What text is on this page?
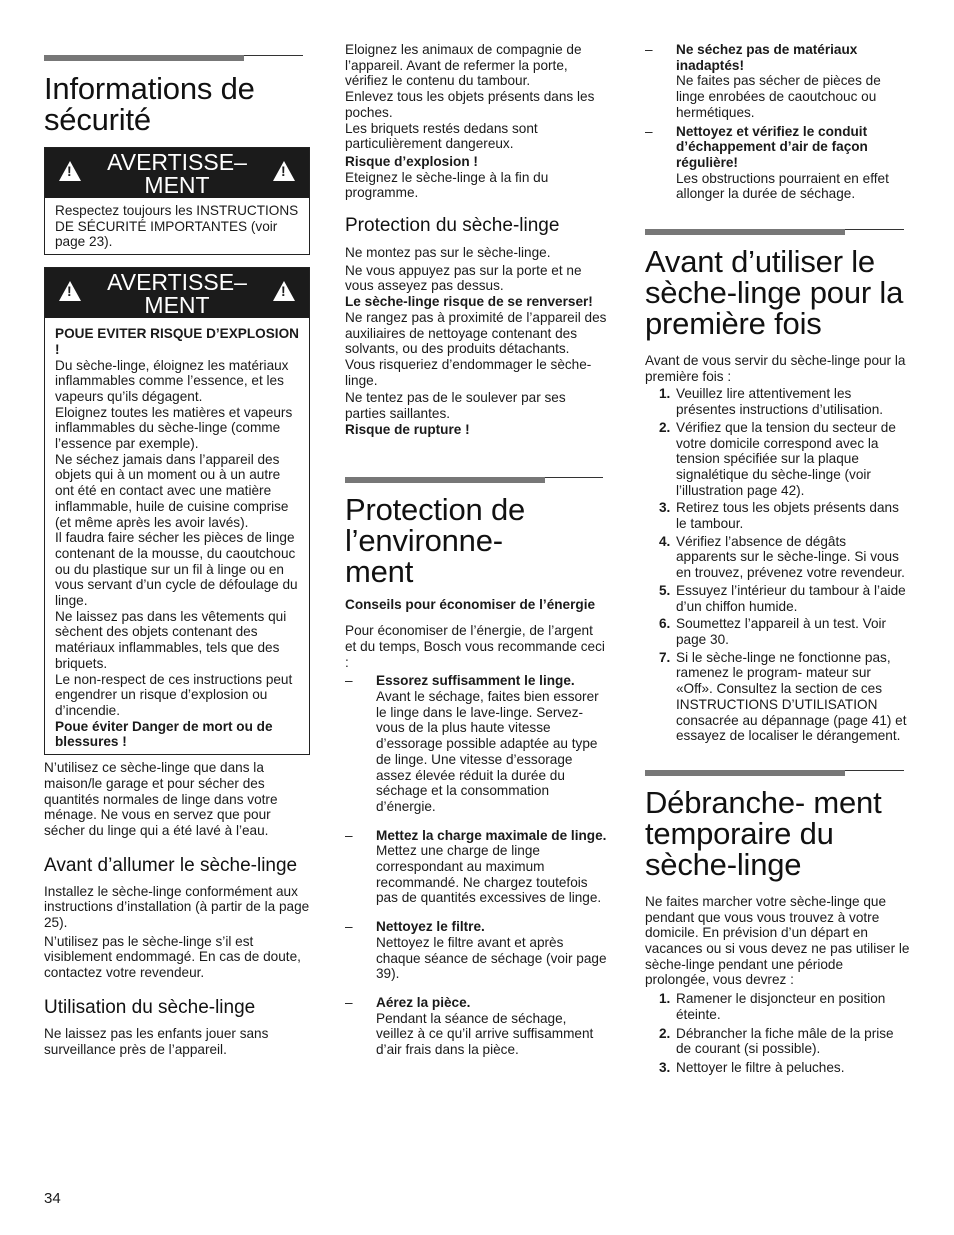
Informations de sécurité
!
AVERTISSE–
MENT
!

Respectez toujours les INSTRUCTIONS DE SÉCURITÉ IMPORTANTES (voir page 23).

!
AVERTISSE–
MENT
!

POUE EVITER RISQUE D’EXPLOSION !

Du sèche-linge, éloignez les matériaux inflammables comme l’essence, et les vapeurs qu’ils dégagent.

Eloignez toutes les matières et vapeurs inflammables du sèche-linge (comme l’essence par exemple).

Ne séchez jamais dans l’appareil des objets qui à un moment ou à un autre ont été en contact avec une matière inflammable, huile de cuisine comprise (et même après les avoir lavés).

Il faudra faire sécher les pièces de linge contenant de la mousse, du caoutchouc ou du plastique sur un fil à linge ou en vous servant d’un cycle de défoulage du linge.

Ne laissez pas dans les vêtements qui sèchent des objets contenant des matériaux inflammables, tels que des briquets.

Le non-respect de ces instructions peut engendrer un risque d’explosion ou d’incendie.

Poue éviter Danger de mort ou de blessures !

N’utilisez ce sèche-linge que dans la maison/le garage et pour sécher des quantités normales de linge dans votre ménage. Ne vous en servez que pour sécher du linge qui a été lavé à l’eau.

Avant d’allumer le sèche-linge

Installez le sèche-linge conformément aux instructions d’installation (à partir de la page 25).

N’utilisez pas le sèche-linge s’il est visiblement endommagé. En cas de doute, contactez votre revendeur.

Utilisation du sèche-linge

Ne laissez pas les enfants jouer sans surveillance près de l’appareil.

Eloignez les animaux de compagnie de l’appareil. Avant de refermer la porte, vérifiez le contenu du tambour.

Enlevez tous les objets présents dans les poches.

Les briquets restés dedans sont particulièrement dangereux.

Risque d’explosion !

Eteignez le sèche-linge à la fin du programme.

Protection du sèche-linge

Ne montez pas sur le sèche-linge.

Ne vous appuyez pas sur la porte et ne vous asseyez pas dessus.

Le sèche-linge risque de se renverser!

Ne rangez pas à proximité de l’appareil des auxiliaires de nettoyage contenant des solvants, ou des produits détachants.

Vous risqueriez d’endommager le sèche-linge.

Ne tentez pas de le soulever par ses parties saillantes.

Risque de rupture !

Protection de l’environne- ment

Conseils pour économiser de l’énergie

Pour économiser de l’énergie, de l’argent et du temps, Bosch vous recommande ceci :

– Essorez suffisamment le linge.
Avant le séchage, faites bien essorer le linge dans le lave-linge. Servez-vous de la plus haute vitesse d’essorage possible adaptée au type de linge. Une vitesse d’essorage assez élevée réduit la durée du séchage et la consommation d’énergie.
– Mettez la charge maximale de linge.
Mettez une charge de linge correspondant au maximum recommandé. Ne chargez toutefois pas de quantités excessives de linge.
– Nettoyez le filtre.
Nettoyez le filtre avant et après chaque séance de séchage (voir page 39).
– Aérez la pièce.
Pendant la séance de séchage, veillez à ce qu’il arrive suffisamment d’air frais dans la pièce.
– Ne séchez pas de matériaux inadaptés!
Ne faites pas sécher de pièces de linge enrobées de caoutchouc ou hermétiques.
– Nettoyez et vérifiez le conduit d’échappement d’air de façon régulière!
Les obstructions pourraient en effet allonger la durée de séchage.
Avant d’utiliser le sèche-linge pour la première fois

Avant de vous servir du sèche-linge pour la première fois :

1. Veuillez lire attentivement les présentes instructions d’utilisation.
2. Vérifiez que la tension du secteur de votre domicile correspond avec la tension spécifiée sur la plaque signalétique du sèche-linge (voir l’illustration page 42).
3. Retirez tous les objets présents dans le tambour.
4. Vérifiez l’absence de dégâts apparents sur le sèche-linge. Si vous en trouvez, prévenez votre revendeur.
5. Essuyez l’intérieur du tambour à l’aide d’un chiffon humide.
6. Soumettez l’appareil à un test. Voir page 30.
7. Si le sèche-linge ne fonctionne pas, ramenez le program- mateur sur «Off». Consultez la section de ces INSTRUCTIONS D’UTILISATION consacrée au dépannage (page 41) et essayez de localiser le dérangement.
Débranche- ment temporaire du sèche-linge

Ne faites marcher votre sèche-linge que pendant que vous vous trouvez à votre domicile. En prévision d’un départ en vacances ou si vous devez ne pas utiliser le sèche-linge pendant une période prolongée, vous devrez :

1. Ramener le disjoncteur en position éteinte.
2. Débrancher la fiche mâle de la prise de courant (si possible).
3. Nettoyer le filtre à peluches.
34
